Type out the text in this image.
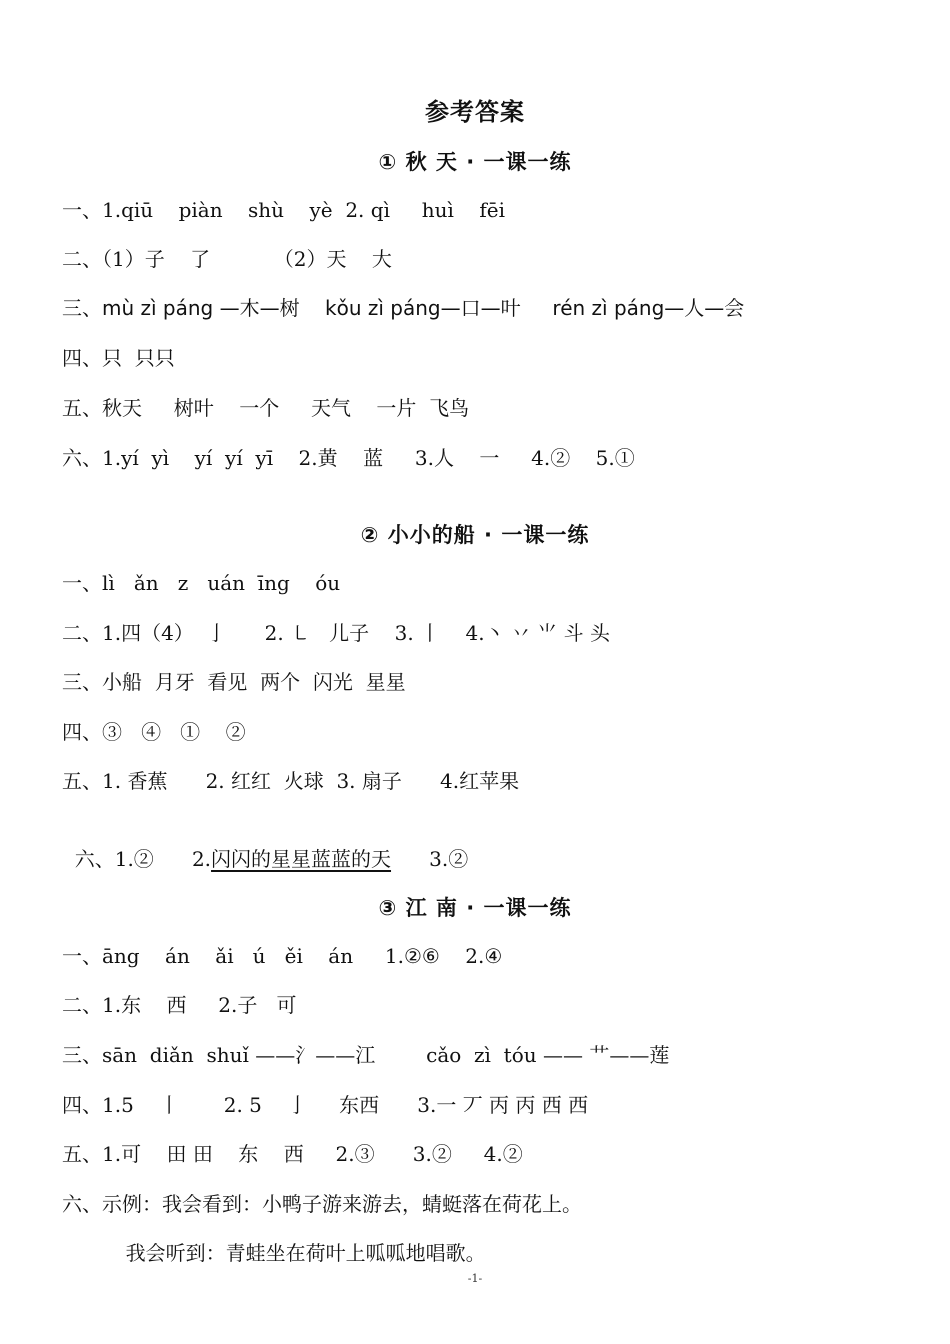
参考答案
① 秋 天 · 一课一练
一、1.qiū    piàn    shù    yè  2. qì     huì    fēi
二、（1）子    了          （2）天    大
三、mù zì páng —木—树    kǒu zì páng—口—叶     rén zì páng—人—会
四、只  只只
五、秋天     树叶    一个     天气    一片  飞鸟
六、1.yí  yì    yí  yí  yī    2.黄    蓝     3.人    一     4.②    5.①
② 小小的船 · 一课一练
一、lì   ǎn   z   uán  īng    óu
二、1.四（4）  亅      2. ㇄   儿子    3. 丨    4.丶 丷 ⺌ 斗 头
三、小船  月牙  看见  两个  闪光  星星
四、③   ④   ①    ②
五、1. 香蕉      2. 红红  火球  3. 扇子      4.红苹果

六、1.②      2.闪闪的星星蓝蓝的天      3.②

③ 江 南 · 一课一练
一、āng    án    ǎi   ú   ěi    án     1.②⑥    2.④
二、1.东    西     2.子   可
三、sān  diǎn  shuǐ ——氵——江        cǎo  zì  tóu —— 艹——莲
四、1.5    丨       2. 5    亅     东西      3.一 丆 丙 丙 西 西
五、1.可    田 田    东    西     2.③      3.②     4.②
六、示例：我会看到：小鸭子游来游去，蜻蜓落在荷花上。
我会听到：青蛙坐在荷叶上呱呱地唱歌。
-1-
